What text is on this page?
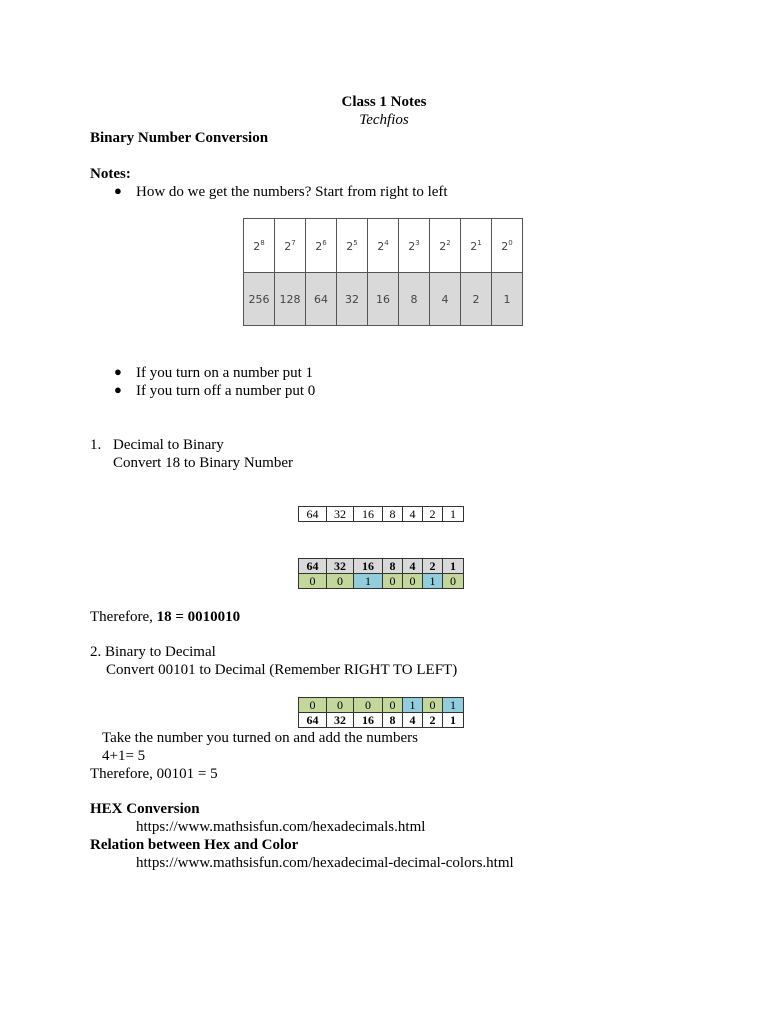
Class 1 Notes
Techfios
Binary Number Conversion
Notes:
● How do we get the numbers? Start from right to left
$2^8$	$2^7$	$2^6$	$2^5$	$2^4$	$2^3$	$2^2$	$2^1$	$2^0$
256	128	64	32	16	8	4	2	1
● If you turn on a number put 1
● If you turn off a number put 0
1. Decimal to Binary
Convert 18 to Binary Number
64	32	16	8	4	2	1
64	32	16	8	4	2	1
0	0	1	0	0	1	0
Therefore, 18 = 0010010
2. Binary to Decimal
Convert 00101 to Decimal (Remember RIGHT TO LEFT)
0	0	0	0	1	0	1
64	32	16	8	4	2	1
Take the number you turned on and add the numbers
4+1= 5
Therefore, 00101 = 5
HEX Conversion
https://www.mathsisfun.com/hexadecimals.html
Relation between Hex and Color
https://www.mathsisfun.com/hexadecimal-decimal-colors.html
